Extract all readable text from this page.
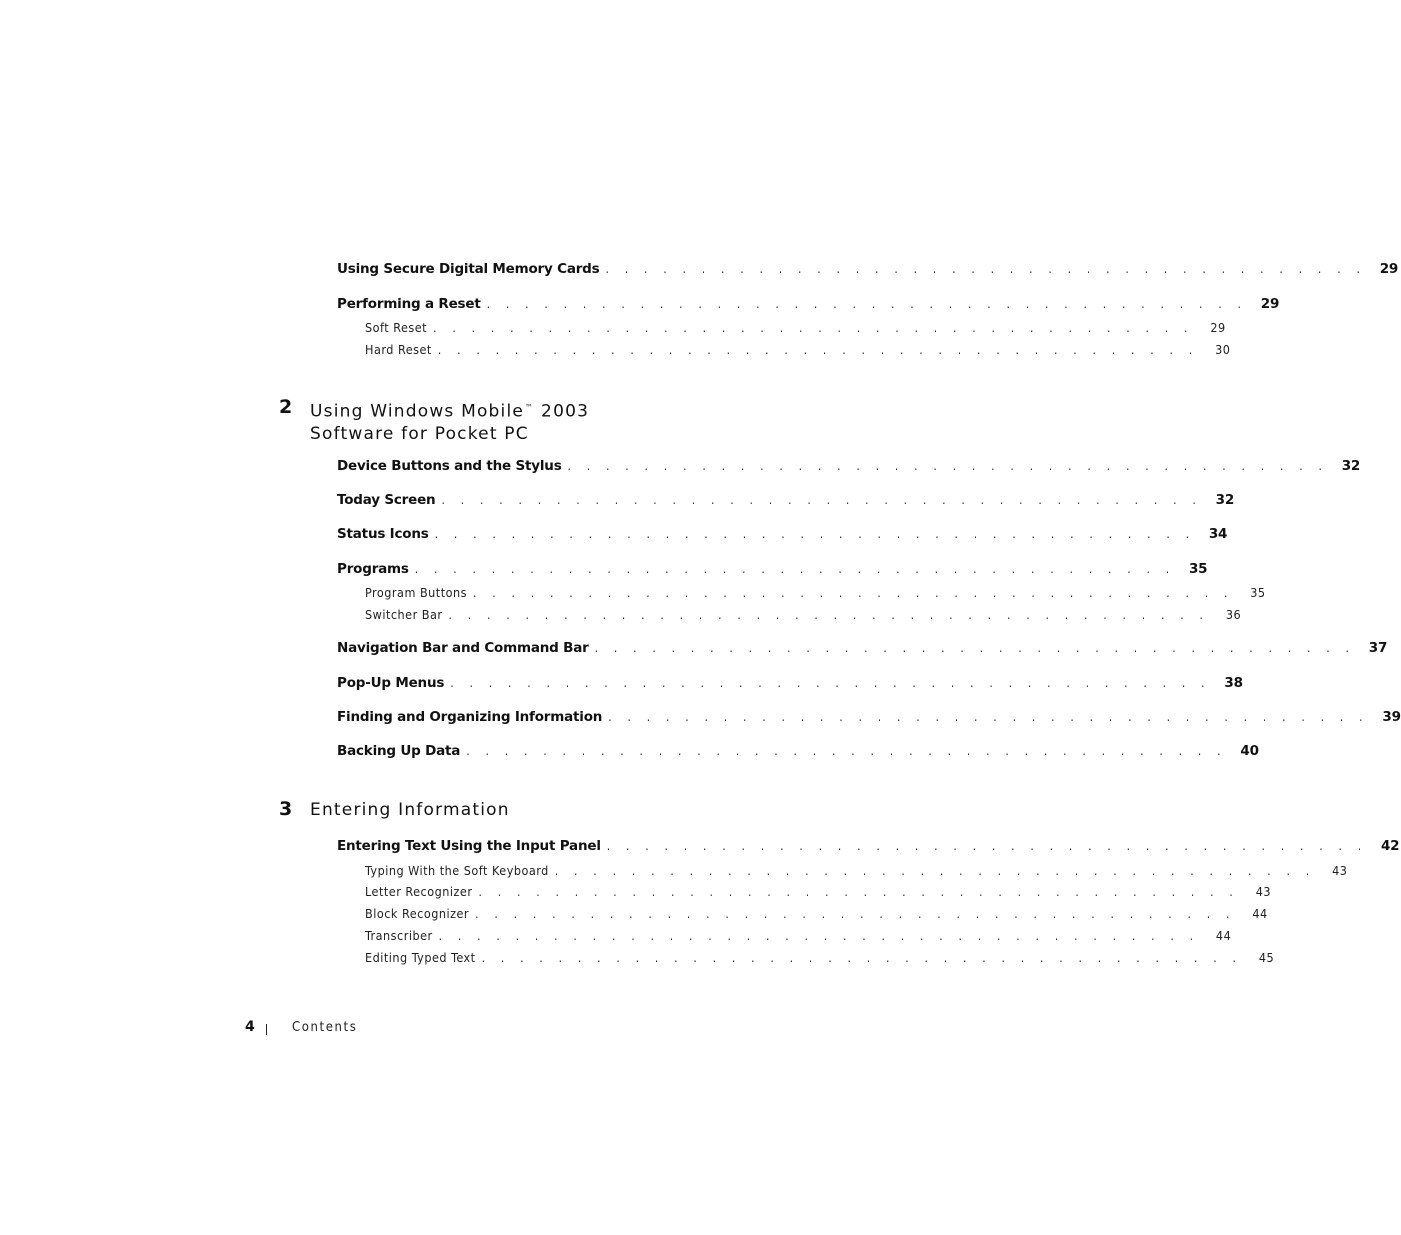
Using Secure Digital Memory Cards . . . . . . . . . . . . . . . . . . . . . . . . . . . . . . . . . . . . . . . .	29
Performing a Reset . . . . . . . . . . . . . . . . . . . . . . . . . . . . . . . . . . . . . . . .	29
Soft Reset . . . . . . . . . . . . . . . . . . . . . . . . . . . . . . . . . . . . . . . .	29
Hard Reset . . . . . . . . . . . . . . . . . . . . . . . . . . . . . . . . . . . . . . . .	30
2 Using Windows Mobile™ 2003
Software for Pocket PC
Device Buttons and the Stylus . . . . . . . . . . . . . . . . . . . . . . . . . . . . . . . . . . . . . . . .	32
Today Screen . . . . . . . . . . . . . . . . . . . . . . . . . . . . . . . . . . . . . . . .	32
Status Icons . . . . . . . . . . . . . . . . . . . . . . . . . . . . . . . . . . . . . . . .	34
Programs . . . . . . . . . . . . . . . . . . . . . . . . . . . . . . . . . . . . . . . .	35
Program Buttons . . . . . . . . . . . . . . . . . . . . . . . . . . . . . . . . . . . . . . . .	35
Switcher Bar . . . . . . . . . . . . . . . . . . . . . . . . . . . . . . . . . . . . . . . .	36
Navigation Bar and Command Bar . . . . . . . . . . . . . . . . . . . . . . . . . . . . . . . . . . . . . . . .	37
Pop-Up Menus . . . . . . . . . . . . . . . . . . . . . . . . . . . . . . . . . . . . . . . .	38
Finding and Organizing Information . . . . . . . . . . . . . . . . . . . . . . . . . . . . . . . . . . . . . . . .	39
Backing Up Data . . . . . . . . . . . . . . . . . . . . . . . . . . . . . . . . . . . . . . . .	40
3 Entering Information
Entering Text Using the Input Panel . . . . . . . . . . . . . . . . . . . . . . . . . . . . . . . . . . . . . . . .	42
Typing With the Soft Keyboard . . . . . . . . . . . . . . . . . . . . . . . . . . . . . . . . . . . . . . . .	43
Letter Recognizer . . . . . . . . . . . . . . . . . . . . . . . . . . . . . . . . . . . . . . . .	43
Block Recognizer . . . . . . . . . . . . . . . . . . . . . . . . . . . . . . . . . . . . . . . .	44
Transcriber . . . . . . . . . . . . . . . . . . . . . . . . . . . . . . . . . . . . . . . .	44
Editing Typed Text . . . . . . . . . . . . . . . . . . . . . . . . . . . . . . . . . . . . . . . .	45
4	Contents
